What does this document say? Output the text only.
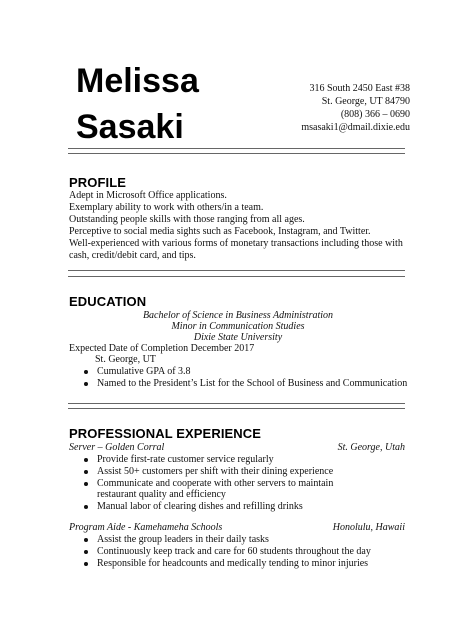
Melissa
Sasaki
316 South 2450 East #38
St. George, UT 84790
(808) 366 – 0690
msasaki1@dmail.dixie.edu
PROFILE
Adept in Microsoft Office applications.
Exemplary ability to work with others/in a team.
Outstanding people skills with those ranging from all ages.
Perceptive to social media sights such as Facebook, Instagram, and Twitter.
Well-experienced with various forms of monetary transactions including those with
cash, credit/debit card, and tips.
EDUCATION
Bachelor of Science in Business Administration
Minor in Communication Studies
Dixie State University
Expected Date of Completion December 2017
St. George, UT
Cumulative GPA of 3.8
Named to the President’s List for the School of Business and Communication
PROFESSIONAL EXPERIENCE
Server – Golden Corral	St. George, Utah
Provide first-rate customer service regularly
Assist 50+ customers per shift with their dining experience
Communicate and cooperate with other servers to maintain restaurant quality and efficiency
Manual labor of clearing dishes and refilling drinks
Program Aide - Kamehameha Schools	Honolulu, Hawaii
Assist the group leaders in their daily tasks
Continuously keep track and care for 60 students throughout the day
Responsible for headcounts and medically tending to minor injuries
